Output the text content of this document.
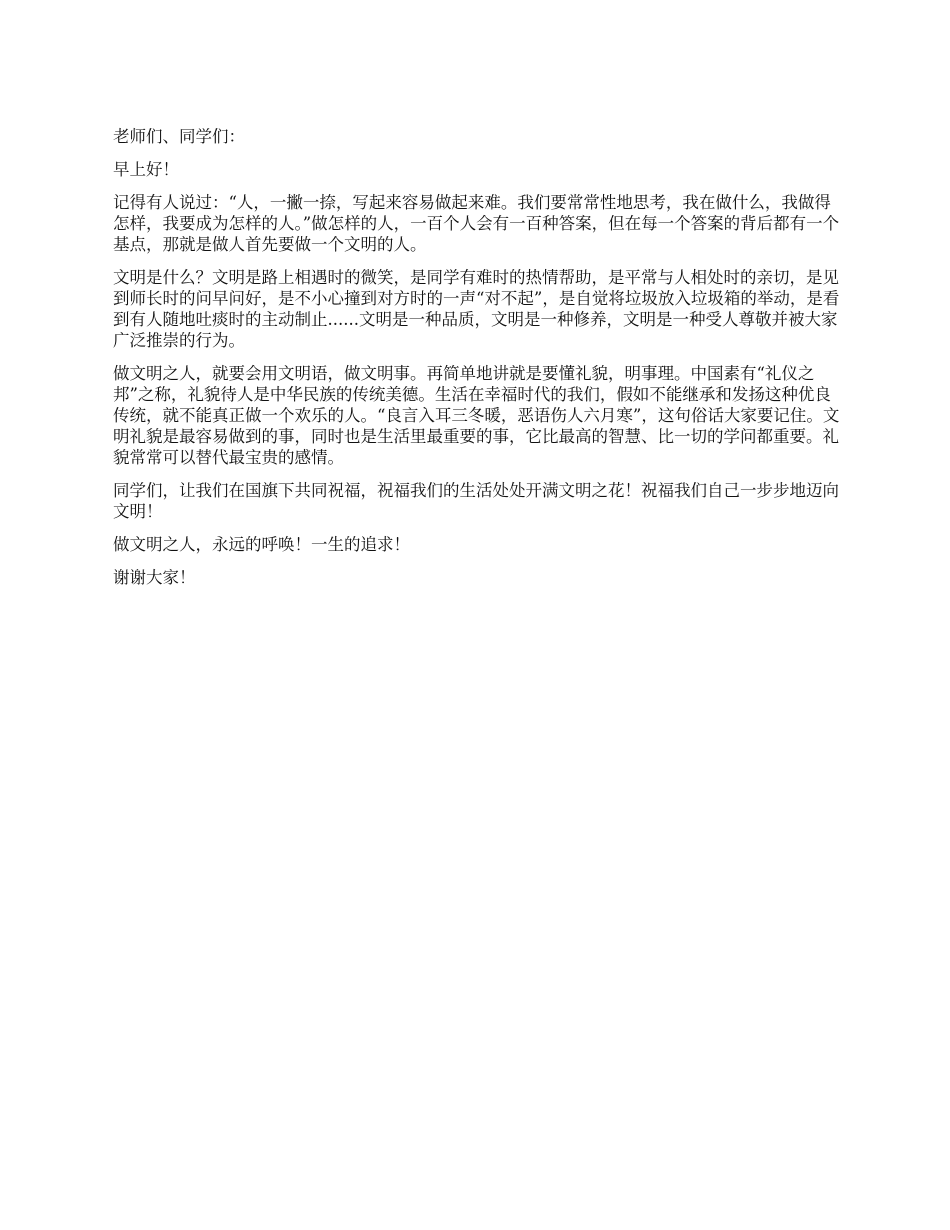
老师们、同学们：

早上好！

记得有人说过：“人，一撇一捺，写起来容易做起来难。我们要常常性地思考，我在做什么，我做得怎样，我要成为怎样的人。”做怎样的人，一百个人会有一百种答案，但在每一个答案的背后都有一个基点，那就是做人首先要做一个文明的人。

文明是什么？文明是路上相遇时的微笑，是同学有难时的热情帮助，是平常与人相处时的亲切，是见到师长时的问早问好，是不小心撞到对方时的一声“对不起”，是自觉将垃圾放入垃圾箱的举动，是看到有人随地吐痰时的主动制止......文明是一种品质，文明是一种修养，文明是一种受人尊敬并被大家广泛推崇的行为。

做文明之人，就要会用文明语，做文明事。再简单地讲就是要懂礼貌，明事理。中国素有“礼仪之邦”之称，礼貌待人是中华民族的传统美德。生活在幸福时代的我们，假如不能继承和发扬这种优良传统，就不能真正做一个欢乐的人。“良言入耳三冬暖，恶语伤人六月寒”，这句俗话大家要记住。文明礼貌是最容易做到的事，同时也是生活里最重要的事，它比最高的智慧、比一切的学问都重要。礼貌常常可以替代最宝贵的感情。

同学们，让我们在国旗下共同祝福，祝福我们的生活处处开满文明之花！祝福我们自己一步步地迈向文明！

做文明之人，永远的呼唤！一生的追求！

谢谢大家！
